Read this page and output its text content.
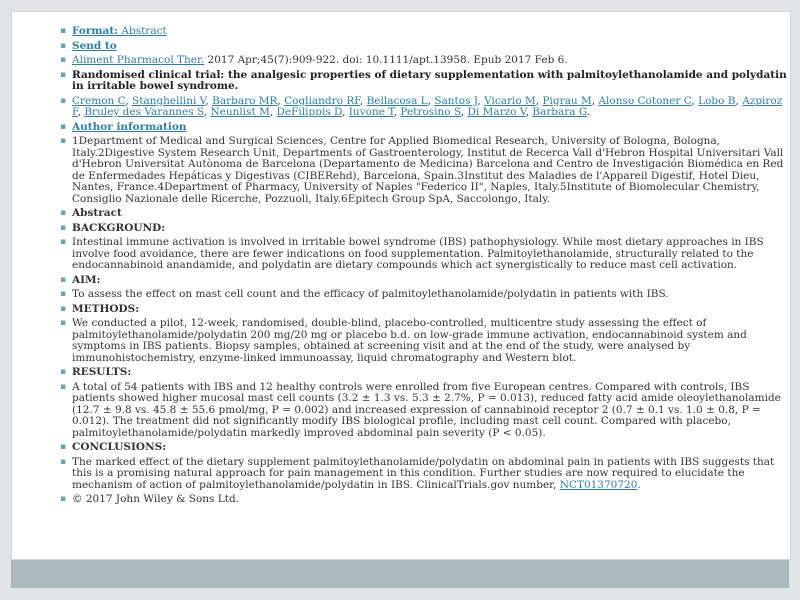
▪ Format: Abstract
▪ Send to
▪ Aliment Pharmacol Ther. 2017 Apr;45(7):909-922. doi: 10.1111/apt.13958. Epub 2017 Feb 6.
▪ Randomised clinical trial: the analgesic properties of dietary supplementation with palmitoylethanolamide and polydatin in irritable bowel syndrome.
▪ Cremon C, Stanghellini V, Barbaro MR, Cogliandro RF, Bellacosa L, Santos J, Vicario M, Pigrau M, Alonso Cotoner C, Lobo B, Azpiroz F, Bruley des Varannes S, Neunlist M, DeFilippis D, Iuvone T, Petrosino S, Di Marzo V, Barbara G.
▪ Author information
▪ 1Department of Medical and Surgical Sciences, Centre for Applied Biomedical Research, University of Bologna, Bologna, Italy.2Digestive System Research Unit, Departments of Gastroenterology, Institut de Recerca Vall d'Hebron Hospital Universitari Vall d'Hebron Universitat Autònoma de Barcelona (Departamento de Medicina) Barcelona and Centro de Investigación Biomédica en Red de Enfermedades Hepáticas y Digestivas (CIBERehd), Barcelona, Spain.3Institut des Maladies de l'Appareil Digestif, Hotel Dieu, Nantes, France.4Department of Pharmacy, University of Naples "Federico II", Naples, Italy.5Institute of Biomolecular Chemistry, Consiglio Nazionale delle Ricerche, Pozzuoli, Italy.6Epitech Group SpA, Saccolongo, Italy.
▪ Abstract
▪ BACKGROUND:
▪ Intestinal immune activation is involved in irritable bowel syndrome (IBS) pathophysiology. While most dietary approaches in IBS involve food avoidance, there are fewer indications on food supplementation. Palmitoylethanolamide, structurally related to the endocannabinoid anandamide, and polydatin are dietary compounds which act synergistically to reduce mast cell activation.
▪ AIM:
▪ To assess the effect on mast cell count and the efficacy of palmitoylethanolamide/polydatin in patients with IBS.
▪ METHODS:
▪ We conducted a pilot, 12-week, randomised, double-blind, placebo-controlled, multicentre study assessing the effect of palmitoylethanolamide/polydatin 200 mg/20 mg or placebo b.d. on low-grade immune activation, endocannabinoid system and symptoms in IBS patients. Biopsy samples, obtained at screening visit and at the end of the study, were analysed by immunohistochemistry, enzyme-linked immunoassay, liquid chromatography and Western blot.
▪ RESULTS:
▪ A total of 54 patients with IBS and 12 healthy controls were enrolled from five European centres. Compared with controls, IBS patients showed higher mucosal mast cell counts (3.2 ± 1.3 vs. 5.3 ± 2.7%, P = 0.013), reduced fatty acid amide oleoylethanolamide (12.7 ± 9.8 vs. 45.8 ± 55.6 pmol/mg, P = 0.002) and increased expression of cannabinoid receptor 2 (0.7 ± 0.1 vs. 1.0 ± 0.8, P = 0.012). The treatment did not significantly modify IBS biological profile, including mast cell count. Compared with placebo, palmitoylethanolamide/polydatin markedly improved abdominal pain severity (P < 0.05).
▪ CONCLUSIONS:
▪ The marked effect of the dietary supplement palmitoylethanolamide/polydatin on abdominal pain in patients with IBS suggests that this is a promising natural approach for pain management in this condition. Further studies are now required to elucidate the mechanism of action of palmitoylethanolamide/polydatin in IBS. ClinicalTrials.gov number, NCT01370720.
▪ © 2017 John Wiley & Sons Ltd.
